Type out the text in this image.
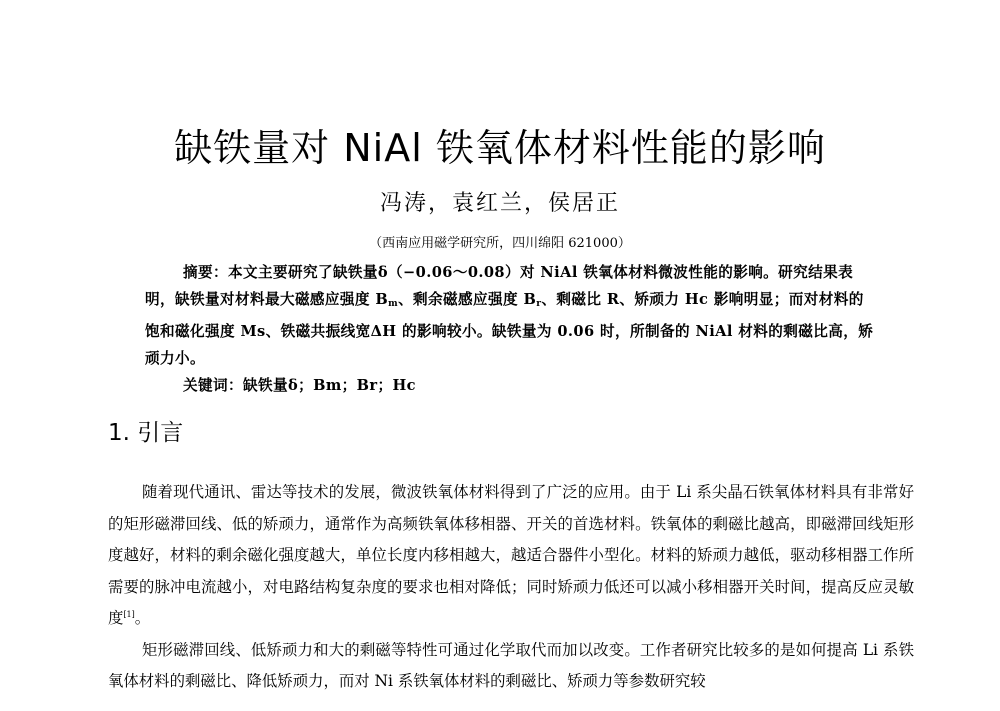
缺铁量对 NiAl 铁氧体材料性能的影响
冯涛，袁红兰，侯居正
（西南应用磁学研究所，四川绵阳 621000）

摘要：本文主要研究了缺铁量δ（−0.06～0.08）对 NiAl 铁氧体材料微波性能的影响。研究结果表明，缺铁量对材料最大磁感应强度 $B_m$、剩余磁感应强度 $B_r$、剩磁比 R、矫顽力 Hc 影响明显；而对材料的饱和磁化强度 Ms、铁磁共振线宽ΔH 的影响较小。缺铁量为 0.06 时，所制备的 NiAl 材料的剩磁比高，矫顽力小。

关键词：缺铁量δ；Bm；Br；Hc

1. 引言

随着现代通讯、雷达等技术的发展，微波铁氧体材料得到了广泛的应用。由于 Li 系尖晶石铁氧体材料具有非常好的矩形磁滞回线、低的矫顽力，通常作为高频铁氧体移相器、开关的首选材料。铁氧体的剩磁比越高，即磁滞回线矩形度越好，材料的剩余磁化强度越大，单位长度内移相越大，越适合器件小型化。材料的矫顽力越低，驱动移相器工作所需要的脉冲电流越小，对电路结构复杂度的要求也相对降低；同时矫顽力低还可以减小移相器开关时间，提高反应灵敏度[1]。

矩形磁滞回线、低矫顽力和大的剩磁等特性可通过化学取代而加以改变。工作者研究比较多的是如何提高 Li 系铁氧体材料的剩磁比、降低矫顽力，而对 Ni 系铁氧体材料的剩磁比、矫顽力等参数研究较
